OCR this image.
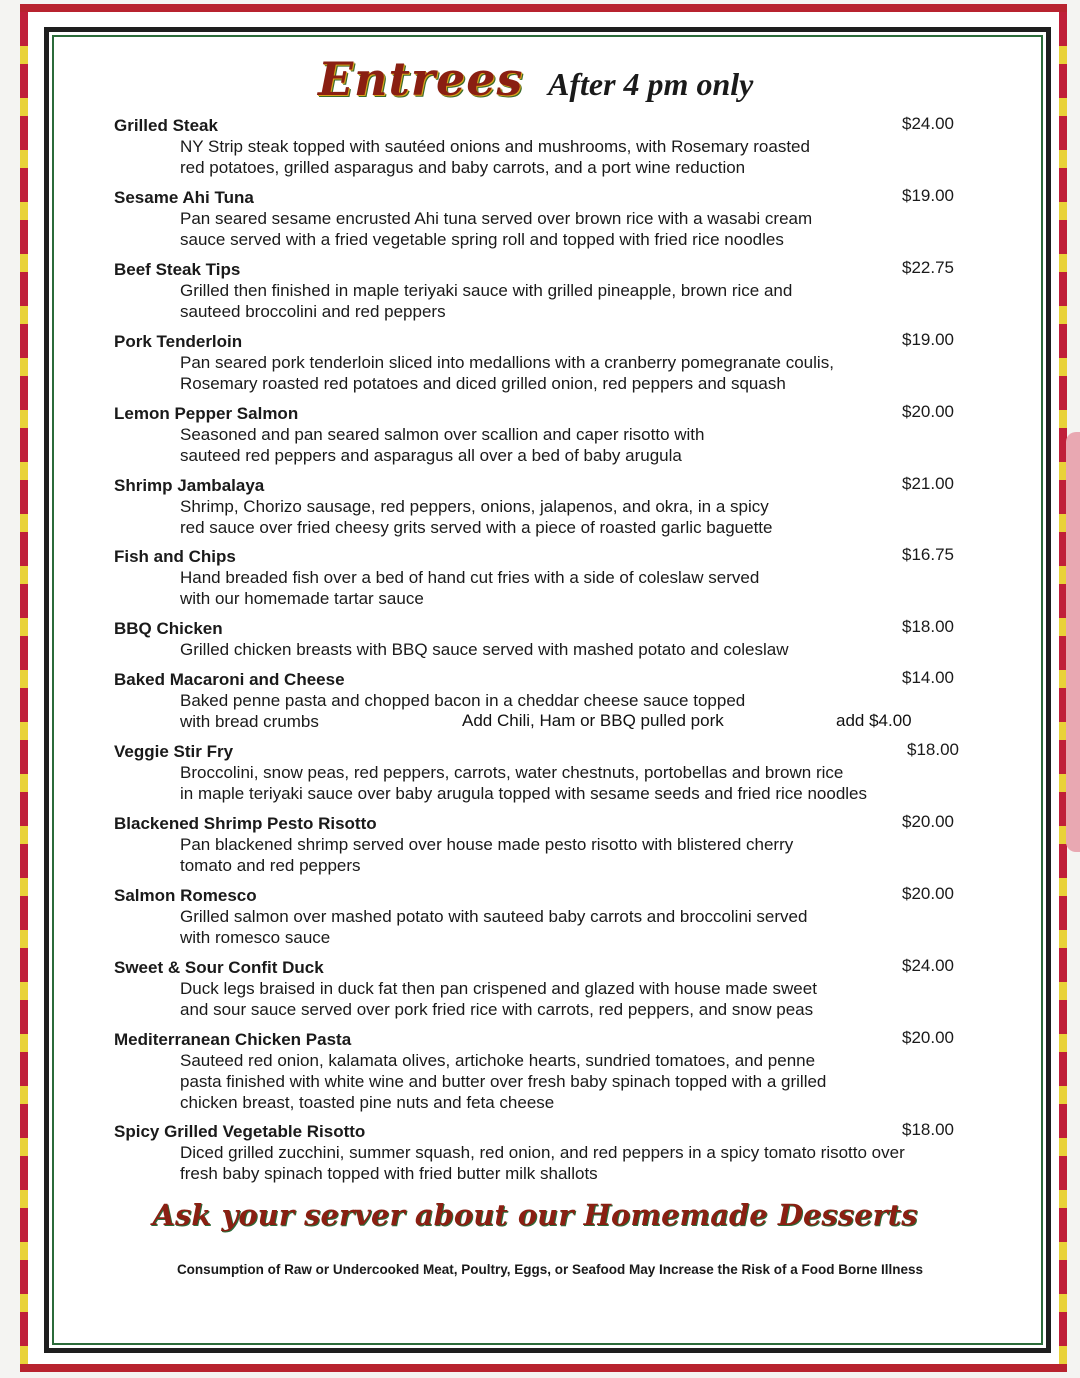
Entrees After 4 pm only
Grilled Steak	$24.00
NY Strip steak topped with sautéed onions and mushrooms, with Rosemary roasted
red potatoes, grilled asparagus and baby carrots, and a port wine reduction
Sesame Ahi Tuna	$19.00
Pan seared sesame encrusted Ahi tuna served over brown rice with a wasabi cream
sauce served with a fried vegetable spring roll and topped with fried rice noodles
Beef Steak Tips	$22.75
Grilled then finished in maple teriyaki sauce with grilled pineapple, brown rice and
sauteed broccolini and red peppers
Pork Tenderloin	$19.00
Pan seared pork tenderloin sliced into medallions with a cranberry pomegranate coulis,
Rosemary roasted red potatoes and diced grilled onion, red peppers and squash
Lemon Pepper Salmon	$20.00
Seasoned and pan seared salmon over scallion and caper risotto with
sauteed red peppers and asparagus all over a bed of baby arugula
Shrimp Jambalaya	$21.00
Shrimp, Chorizo sausage, red peppers, onions, jalapenos, and okra, in a spicy
red sauce over fried cheesy grits served with a piece of roasted garlic baguette
Fish and Chips	$16.75
Hand breaded fish over a bed of hand cut fries with a side of coleslaw served
with our homemade tartar sauce
BBQ Chicken	$18.00
Grilled chicken breasts with BBQ sauce served with mashed potato and coleslaw
Baked Macaroni and Cheese	$14.00
Baked penne pasta and chopped bacon in a cheddar cheese sauce topped
with bread crumbs	Add Chili, Ham or BBQ pulled pork	add $4.00
Veggie Stir Fry	$18.00
Broccolini, snow peas, red peppers, carrots, water chestnuts, portobellas and brown rice
in maple teriyaki sauce over baby arugula topped with sesame seeds and fried rice noodles
Blackened Shrimp Pesto Risotto	$20.00
Pan blackened shrimp served over house made pesto risotto with blistered cherry
tomato and red peppers
Salmon Romesco	$20.00
Grilled salmon over mashed potato with sauteed baby carrots and broccolini served
with romesco sauce
Sweet & Sour Confit Duck	$24.00
Duck legs braised in duck fat then pan crispened and glazed with house made sweet
and sour sauce served over pork fried rice with carrots, red peppers, and snow peas
Mediterranean Chicken Pasta	$20.00
Sauteed red onion, kalamata olives, artichoke hearts, sundried tomatoes, and penne
pasta finished with white wine and butter over fresh baby spinach topped with a grilled
chicken breast, toasted pine nuts and feta cheese
Spicy Grilled Vegetable Risotto	$18.00
Diced grilled zucchini, summer squash, red onion, and red peppers in a spicy tomato risotto over
fresh baby spinach topped with fried butter milk shallots
Ask your server about our Homemade Desserts
Consumption of Raw or Undercooked Meat, Poultry, Eggs, or Seafood May Increase the Risk of a Food Borne Illness
